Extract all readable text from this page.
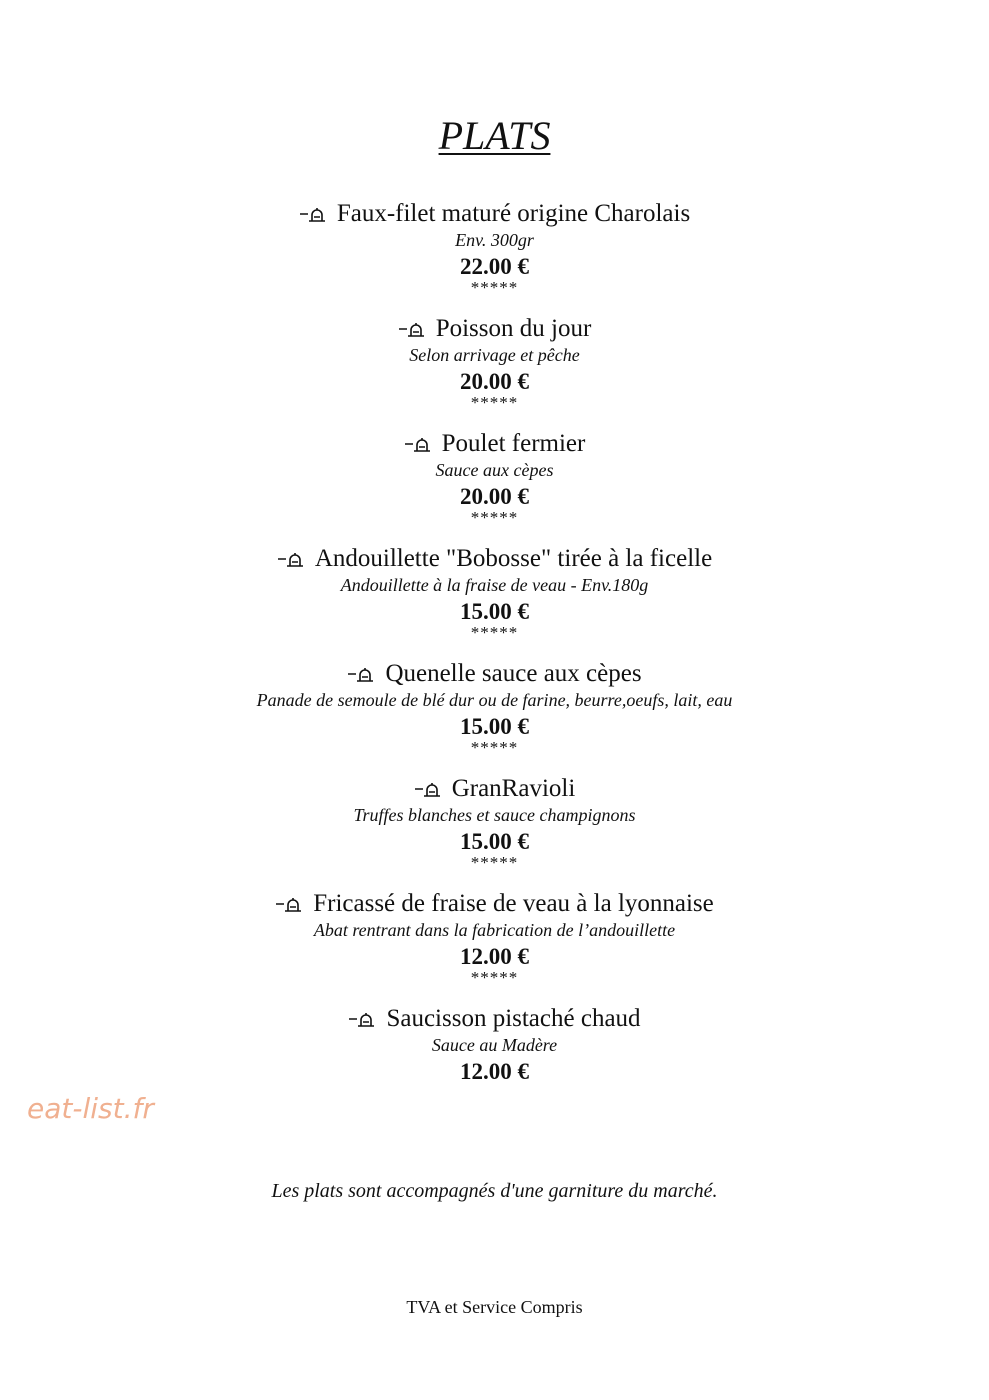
PLATS
Faux-filet maturé origine Charolais
Env. 300gr
22.00 €
*****
Poisson du jour
Selon arrivage et pêche
20.00 €
*****
Poulet fermier
Sauce aux cèpes
20.00 €
*****
Andouillette "Bobosse" tirée à la ficelle
Andouillette à la fraise de veau - Env.180g
15.00 €
*****
Quenelle sauce aux cèpes
Panade de semoule de blé dur ou de farine, beurre,oeufs, lait, eau
15.00 €
*****
GranRavioli
Truffes blanches et sauce champignons
15.00 €
*****
Fricassé de fraise de veau à la lyonnaise
Abat rentrant dans la fabrication de l’andouillette
12.00 €
*****
Saucisson pistaché chaud
Sauce au Madère
12.00 €
eat-list.fr
Les plats sont accompagnés d'une garniture du marché.
TVA et Service Compris
